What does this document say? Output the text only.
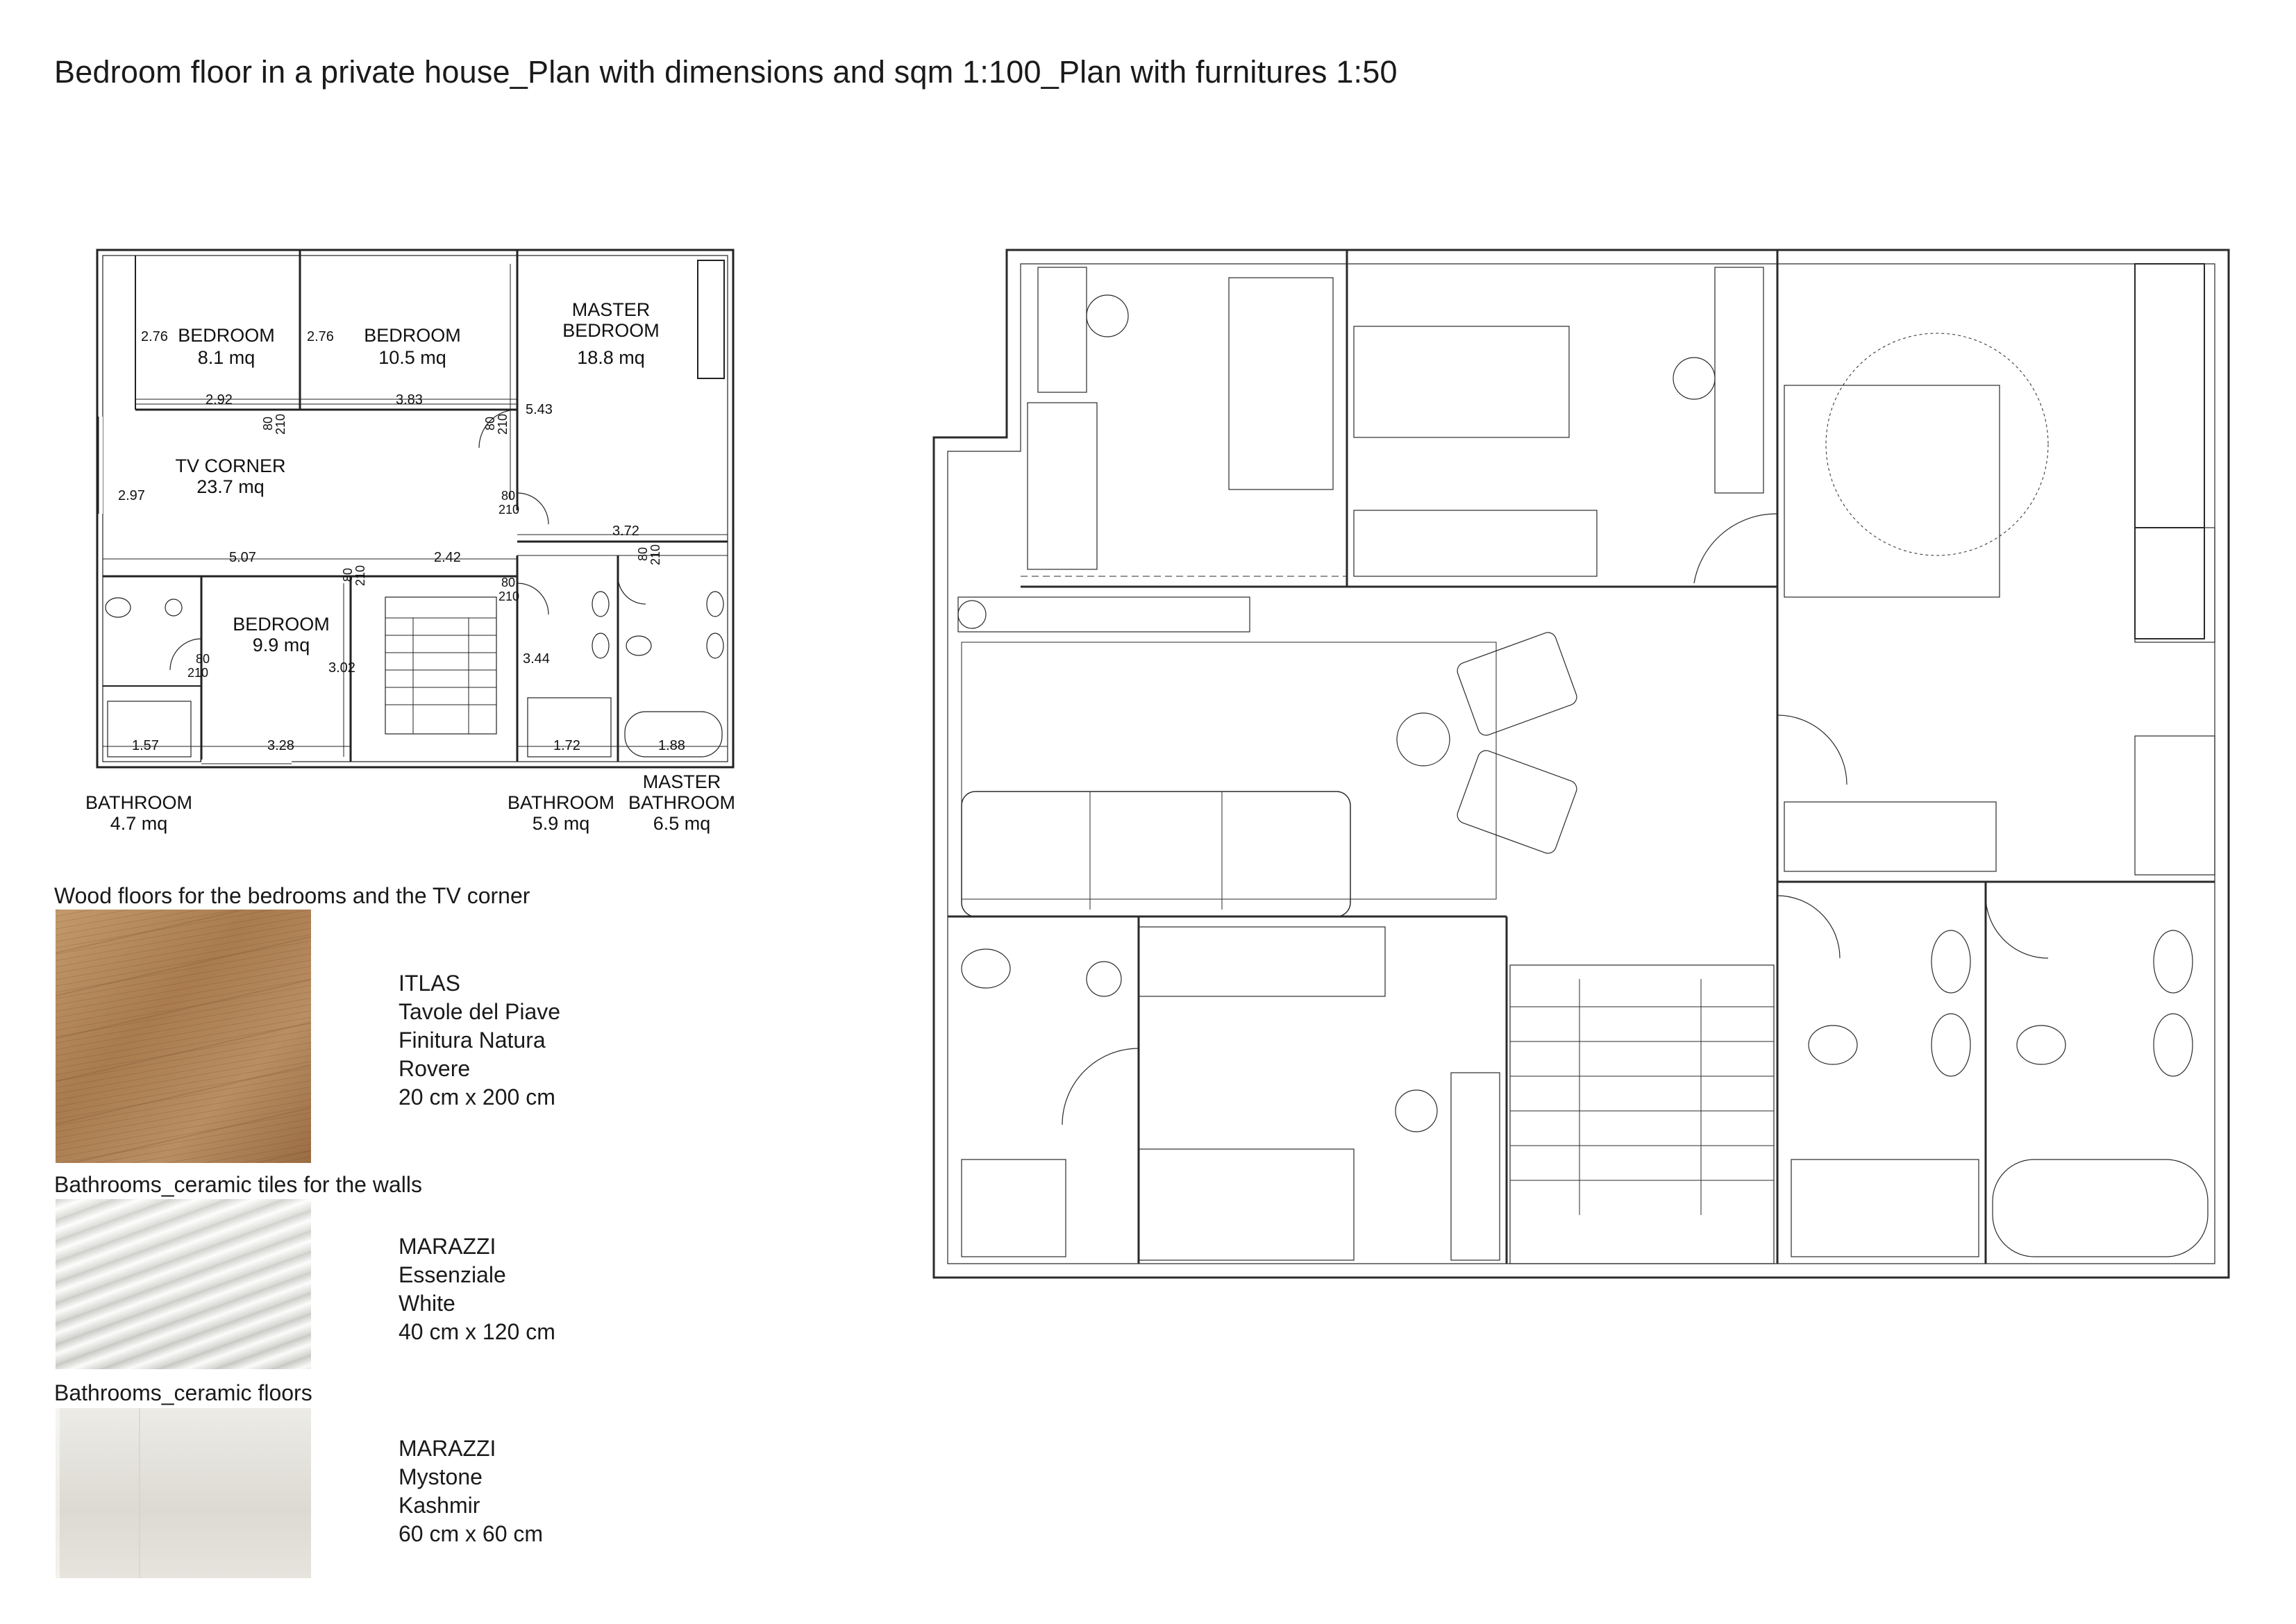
Bedroom floor in a private house_Plan with dimensions and sqm 1:100_Plan with furnitures 1:50
BEDROOM
8.1 mq
BEDROOM
10.5 mq
MASTER
BEDROOM
18.8 mq
TV CORNER
23.7 mq
BEDROOM
9.9 mq
BATHROOM
4.7 mq
BATHROOM
5.9 mq
MASTER
BATHROOM
6.5 mq
2.76	2.76
2.92	3.83
5.43
2.97
3.72
5.07	2.42
3.02
3.44
1.57	3.28	1.72	1.88
80
210	80
210
80
210
80
210	80
210
80
210
80
210
Wood floors for the bedrooms and the TV corner
ITLAS
Tavole del Piave
Finitura Natura
Rovere
20 cm x 200 cm
Bathrooms_ceramic tiles for the walls
MARAZZI
Essenziale
White
40 cm x 120 cm
Bathrooms_ceramic floors
MARAZZI
Mystone
Kashmir
60 cm x 60 cm
